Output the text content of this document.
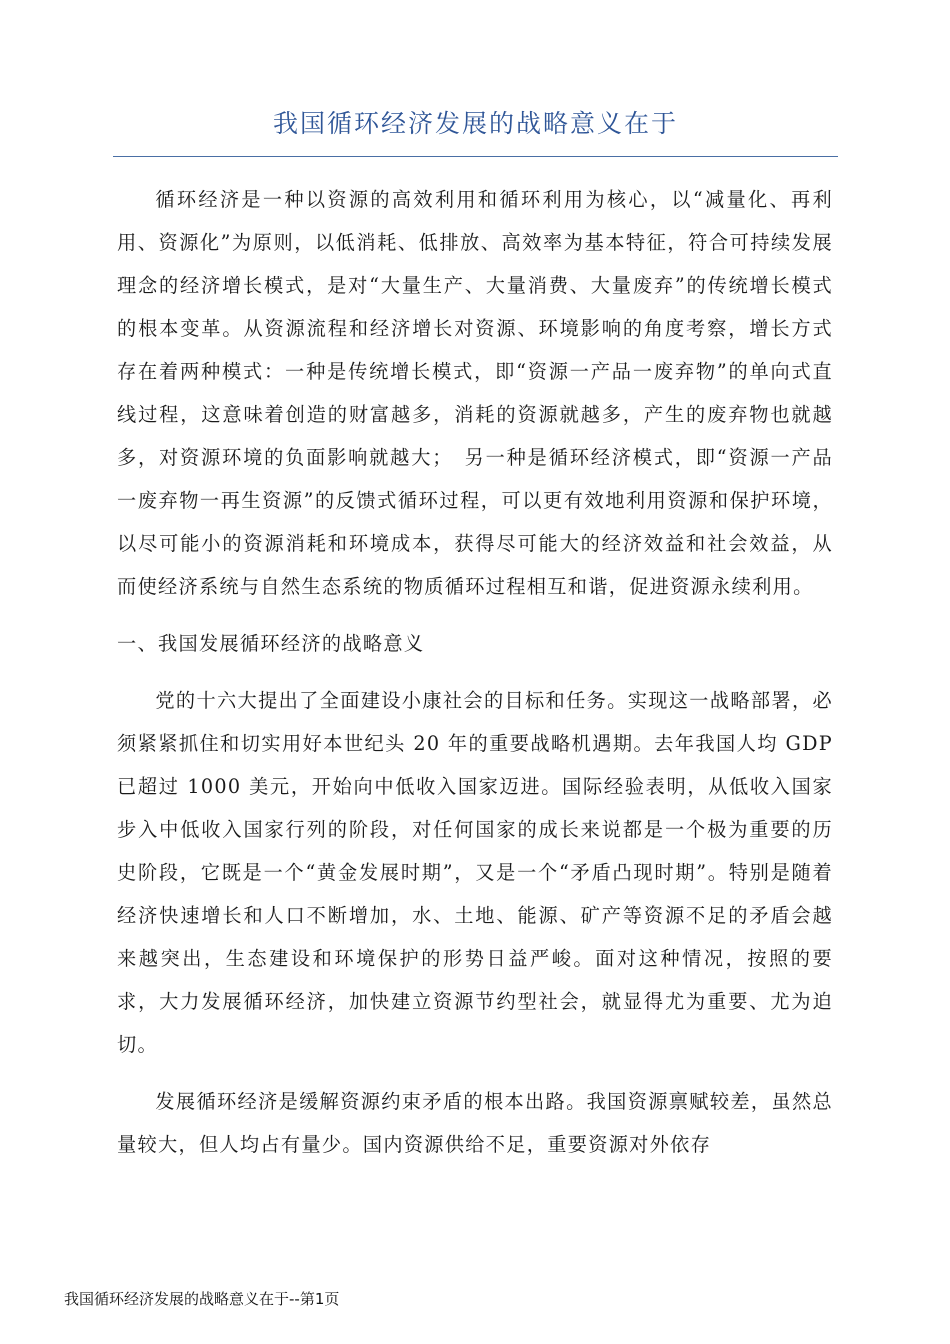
我国循环经济发展的战略意义在于

循环经济是一种以资源的高效利用和循环利用为核心，以“减量化、再利用、资源化”为原则，以低消耗、低排放、高效率为基本特征，符合可持续发展理念的经济增长模式，是对“大量生产、大量消费、大量废弃”的传统增长模式的根本变革。从资源流程和经济增长对资源、环境影响的角度考察，增长方式存在着两种模式：一种是传统增长模式，即“资源一产品一废弃物”的单向式直线过程，这意味着创造的财富越多，消耗的资源就越多，产生的废弃物也就越多，对资源环境的负面影响就越大；　另一种是循环经济模式，即“资源一产品一废弃物一再生资源”的反馈式循环过程，可以更有效地利用资源和保护环境，以尽可能小的资源消耗和环境成本，获得尽可能大的经济效益和社会效益，从而使经济系统与自然生态系统的物质循环过程相互和谐，促进资源永续利用。

一、我国发展循环经济的战略意义

党的十六大提出了全面建设小康社会的目标和任务。实现这一战略部署，必须紧紧抓住和切实用好本世纪头 20 年的重要战略机遇期。去年我国人均 GDP已超过 1000 美元，开始向中低收入国家迈进。国际经验表明，从低收入国家步入中低收入国家行列的阶段，对任何国家的成长来说都是一个极为重要的历史阶段，它既是一个“黄金发展时期”，又是一个“矛盾凸现时期”。特别是随着经济快速增长和人口不断增加，水、土地、能源、矿产等资源不足的矛盾会越来越突出，生态建设和环境保护的形势日益严峻。面对这种情况，按照的要求，大力发展循环经济，加快建立资源节约型社会，就显得尤为重要、尤为迫切。

发展循环经济是缓解资源约束矛盾的根本出路。我国资源禀赋较差，虽然总量较大，但人均占有量少。国内资源供给不足，重要资源对外依存

我国循环经济发展的战略意义在于--第1页
